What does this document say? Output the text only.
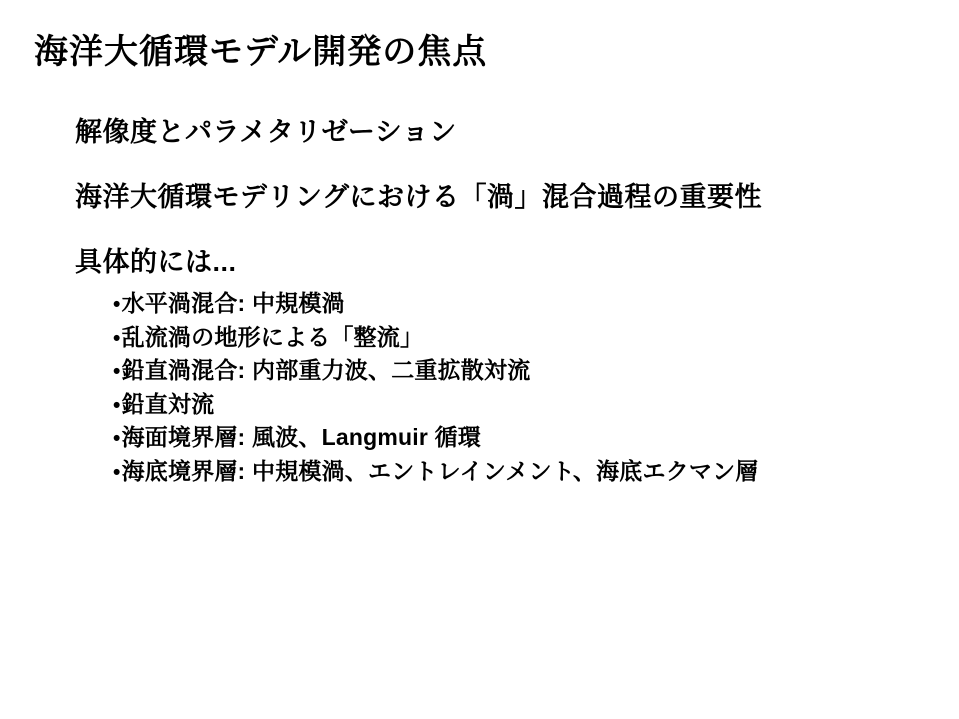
海洋大循環モデル開発の焦点

解像度とパラメタリゼーション

海洋大循環モデリングにおける「渦」混合過程の重要性

具体的には...

•水平渦混合: 中規模渦
•乱流渦の地形による「整流」
•鉛直渦混合: 内部重力波、二重拡散対流
•鉛直対流
•海面境界層: 風波、Langmuir 循環
•海底境界層: 中規模渦、エントレインメント、海底エクマン層
